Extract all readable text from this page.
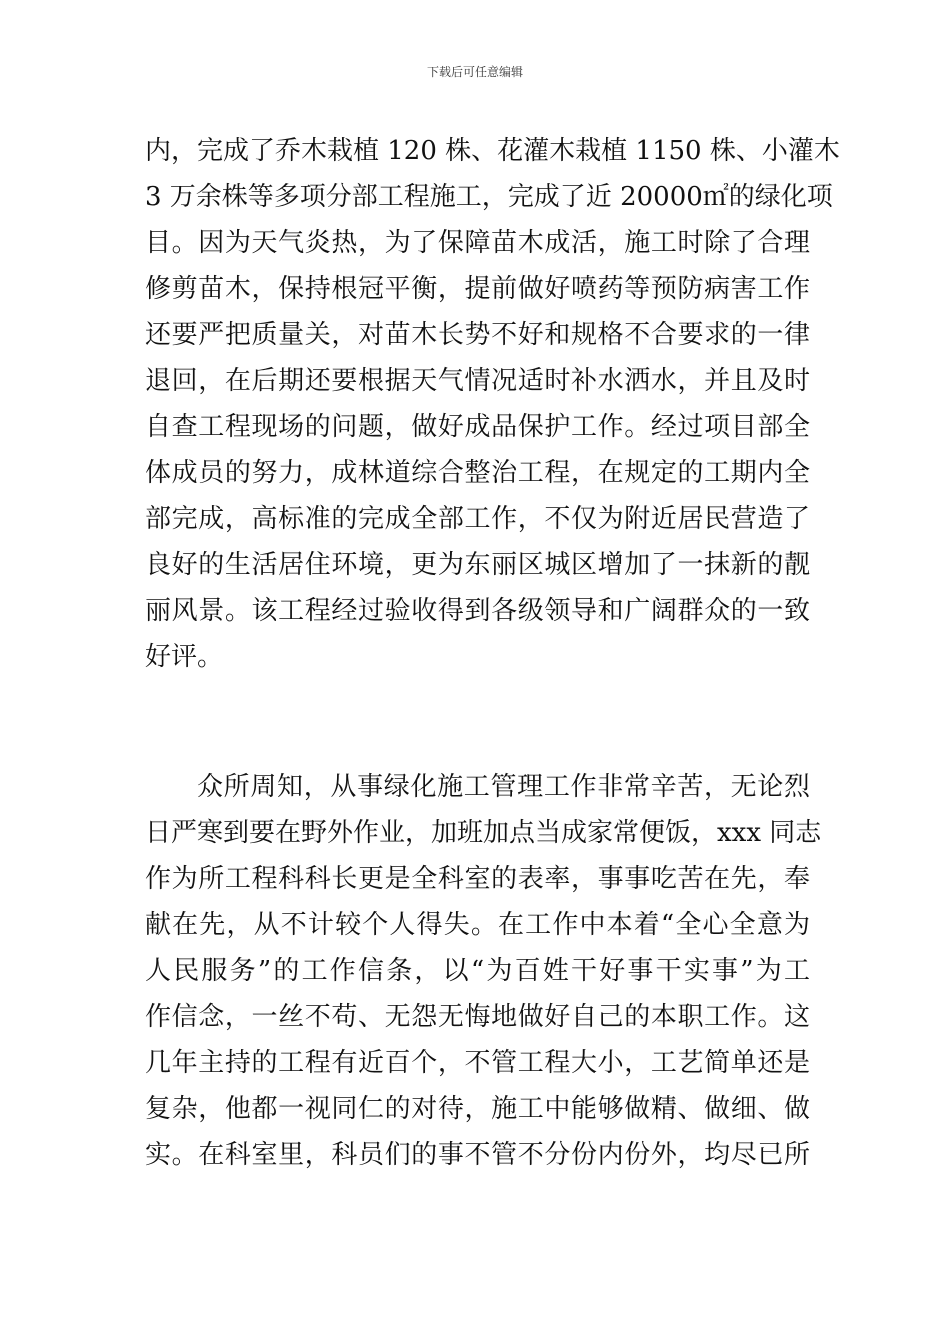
下载后可任意编辑
内，完成了乔木栽植 120 株、花灌木栽植 1150 株、小灌木
3 万余株等多项分部工程施工，完成了近 20000㎡的绿化项
目。因为天气炎热，为了保障苗木成活，施工时除了合理
修剪苗木，保持根冠平衡，提前做好喷药等预防病害工作
还要严把质量关，对苗木长势不好和规格不合要求的一律
退回，在后期还要根据天气情况适时补水洒水，并且及时
自查工程现场的问题，做好成品保护工作。经过项目部全
体成员的努力，成林道综合整治工程，在规定的工期内全
部完成，高标准的完成全部工作，不仅为附近居民营造了
良好的生活居住环境，更为东丽区城区增加了一抹新的靓
丽风景。该工程经过验收得到各级领导和广阔群众的一致
好评。
众所周知，从事绿化施工管理工作非常辛苦，无论烈
日严寒到要在野外作业，加班加点当成家常便饭，xxx 同志
作为所工程科科长更是全科室的表率，事事吃苦在先，奉
献在先，从不计较个人得失。在工作中本着“全心全意为
人民服务”的工作信条，以“为百姓干好事干实事”为工
作信念，一丝不苟、无怨无悔地做好自己的本职工作。这
几年主持的工程有近百个，不管工程大小，工艺简单还是
复杂，他都一视同仁的对待，施工中能够做精、做细、做
实。在科室里，科员们的事不管不分份内份外，均尽已所
